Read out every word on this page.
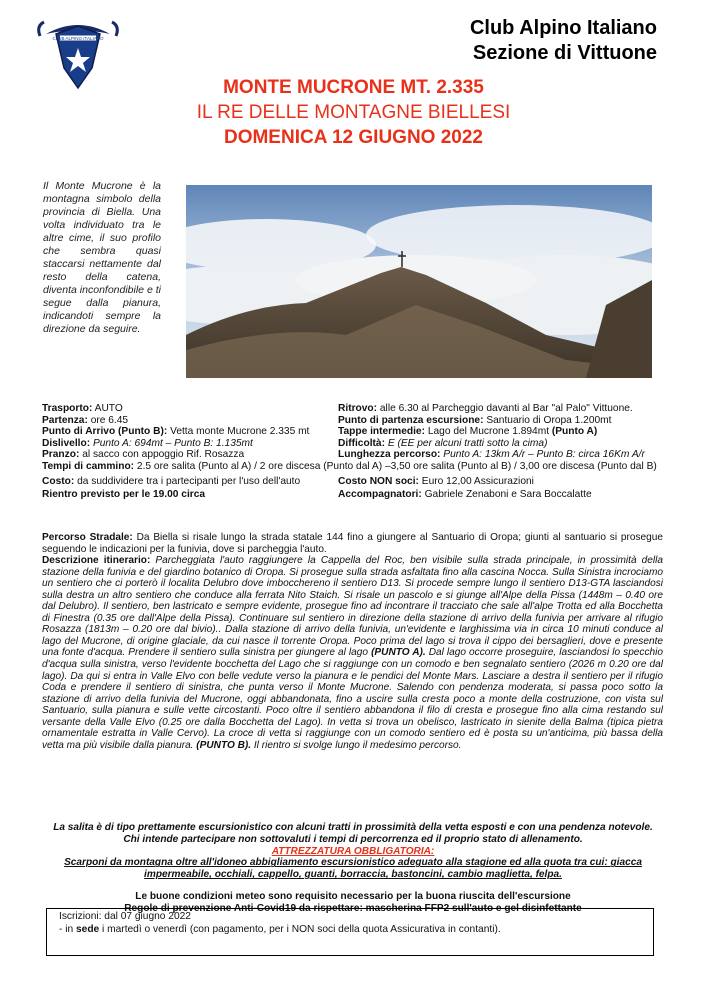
CLUB ALPINO ITALIANO	Club Alpino Italiano
Sezione di Vittuone
MONTE MUCRONE MT. 2.335
IL RE DELLE MONTAGNE BIELLESI
DOMENICA 12 GIUGNO 2022
Il Monte Mucrone è la montagna simbolo della provincia di Biella. Una volta individuato tra le altre cime, il suo profilo che sembra quasi staccarsi nettamente dal resto della catena, diventa inconfondibile e ti segue dalla pianura, indicandoti sempre la direzione da seguire.
Trasporto: AUTO	Ritrovo: alle 6.30 al Parcheggio davanti al Bar "al Palo" Vittuone.
Partenza: ore 6.45	Punto di partenza escursione: Santuario di Oropa 1.200mt
Punto di Arrivo (Punto B): Vetta monte Mucrone 2.335 mt	Tappe intermedie: Lago del Mucrone 1.894mt (Punto A)
Dislivello: Punto A: 694mt – Punto B: 1.135mt	Difficoltà: E (EE per alcuni tratti sotto la cima)
Pranzo: al sacco con appoggio Rif. Rosazza	Lunghezza percorso: Punto A: 13km A/r – Punto B: circa 16Km A/r
Tempi di cammino: 2.5 ore salita (Punto al A) / 2 ore discesa (Punto dal A) –3,50 ore salita (Punto al B) / 3,00 ore discesa (Punto dal B)
Costo: da suddividere tra i partecipanti per l'uso dell'auto	Costo NON soci: Euro 12,00 Assicurazioni
Rientro previsto per le 19.00 circa	Accompagnatori: Gabriele Zenaboni e Sara Boccalatte
Percorso Stradale: Da Biella si risale lungo la strada statale 144 fino a giungere al Santuario di Oropa; giunti al santuario si prosegue seguendo le indicazioni per la funivia, dove si parcheggia l'auto.
Descrizione itinerario: Parcheggiata l'auto raggiungere la Cappella del Roc, ben visibile sulla strada principale, in prossimità della stazione della funivia e del giardino botanico di Oropa. Si prosegue sulla strada asfaltata fino alla cascina Nocca. Sulla Sinistra incrociamo un sentiero che ci porterò il localita Delubro dove imbocchereno il sentiero D13. Si procede sempre lungo il sentiero D13-GTA lasciandosi sulla destra un altro sentiero che conduce alla ferrata Nito Staich. Si risale un pascolo e si giunge all'Alpe della Pissa (1448m – 0.40 ore dal Delubro). Il sentiero, ben lastricato e sempre evidente, prosegue fino ad incontrare il tracciato che sale all'alpe Trotta ed alla Bocchetta di Finestra (0.35 ore dall'Alpe della Pissa). Continuare sul sentiero in direzione della stazione di arrivo della funivia per arrivare al rifugio Rosazza (1813m – 0.20 ore dal bivio).. Dalla stazione di arrivo della funivia, un'evidente e larghissima via in circa 10 minuti conduce al lago del Mucrone, di origine glaciale, da cui nasce il torrente Oropa. Poco prima del lago si trova il cippo dei bersaglieri, dove e presente una fonte d'acqua. Prendere il sentiero sulla sinistra per giungere al lago (PUNTO A). Dal lago occorre proseguire, lasciandosi lo specchio d'acqua sulla sinistra, verso l'evidente bocchetta del Lago che si raggiunge con un comodo e ben segnalato sentiero (2026 m 0.20 ore dal lago). Da qui si entra in Valle Elvo con belle vedute verso la pianura e le pendici del Monte Mars. Lasciare a destra il sentiero per il rifugio Coda e prendere il sentiero di sinistra, che punta verso il Monte Mucrone. Salendo con pendenza moderata, si passa poco sotto la stazione di arrivo della funivia del Mucrone, oggi abbandonata, fino a uscire sulla cresta poco a monte della costruzione, con vista sul Santuario, sulla pianura e sulle vette circostanti. Poco oltre il sentiero abbandona il filo di cresta e prosegue fino alla cima restando sul versante della Valle Elvo (0.25 ore dalla Bocchetta del Lago). In vetta si trova un obelisco, lastricato in sienite della Balma (tipica pietra ornamentale estratta in Valle Cervo). La croce di vetta si raggiunge con un comodo sentiero ed è posta su un'anticima, più bassa della vetta ma più visibile dalla pianura. (PUNTO B). Il rientro si svolge lungo il medesimo percorso.
La salita è di tipo prettamente escursionistico con alcuni tratti in prossimità della vetta esposti e con una pendenza notevole. Chi intende partecipare non sottovaluti i tempi di percorrenza ed il proprio stato di allenamento.
ATTREZZATURA OBBLIGATORIA:
Scarponi da montagna oltre all'idoneo abbigliamento escursionistico adeguato alla stagione ed alla quota tra cui: giacca impermeabile, occhiali, cappello, guanti, borraccia, bastoncini, cambio maglietta, felpa.
Le buone condizioni meteo sono requisito necessario per la buona riuscita dell'escursione
Regole di prevenzione Anti-Covid19 da rispettare: mascherina FFP2 sull'auto e gel disinfettante
Iscrizioni: dal 07 giugno 2022
- in sede i martedì o venerdì (con pagamento, per i NON soci della quota Assicurativa in contanti).
